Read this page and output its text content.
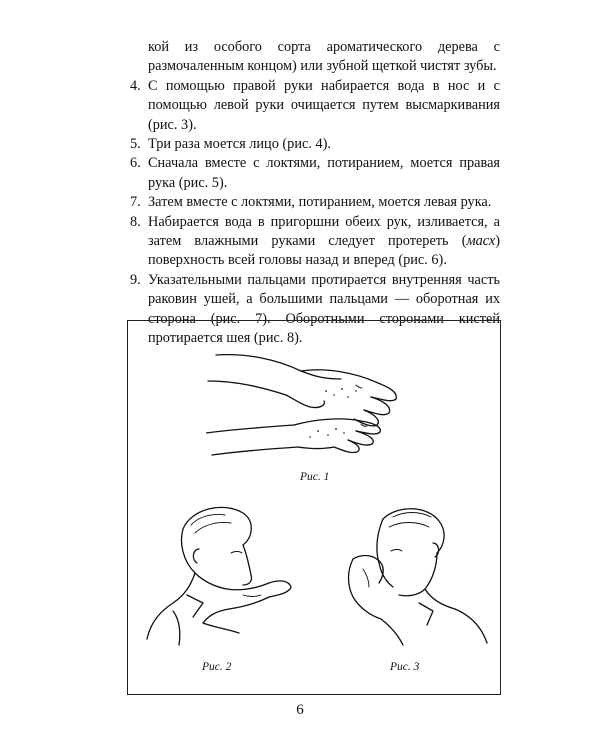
кой из особого сорта ароматического дерева с размочаленным концом) или зубной щеткой чистят зубы.

4. С помощью правой руки набирается вода в нос и с помощью левой руки очищается путем высмаркивания (рис. 3).

5. Три раза моется лицо (рис. 4).

6. Сначала вместе с локтями, потиранием, моется правая рука (рис. 5).

7. Затем вместе с локтями, потиранием, моется левая рука.

8. Набирается вода в пригоршни обеих рук, изливается, а затем влажными руками следует протереть (масх) поверхность всей головы назад и вперед (рис. 6).

9. Указательными пальцами протирается внутренняя часть раковин ушей, а большими пальцами — оборотная их сторона (рис. 7). Оборотными сторонами кистей протирается шея (рис. 8).

Рис. 1
Рис. 2	Рис. 3
6
